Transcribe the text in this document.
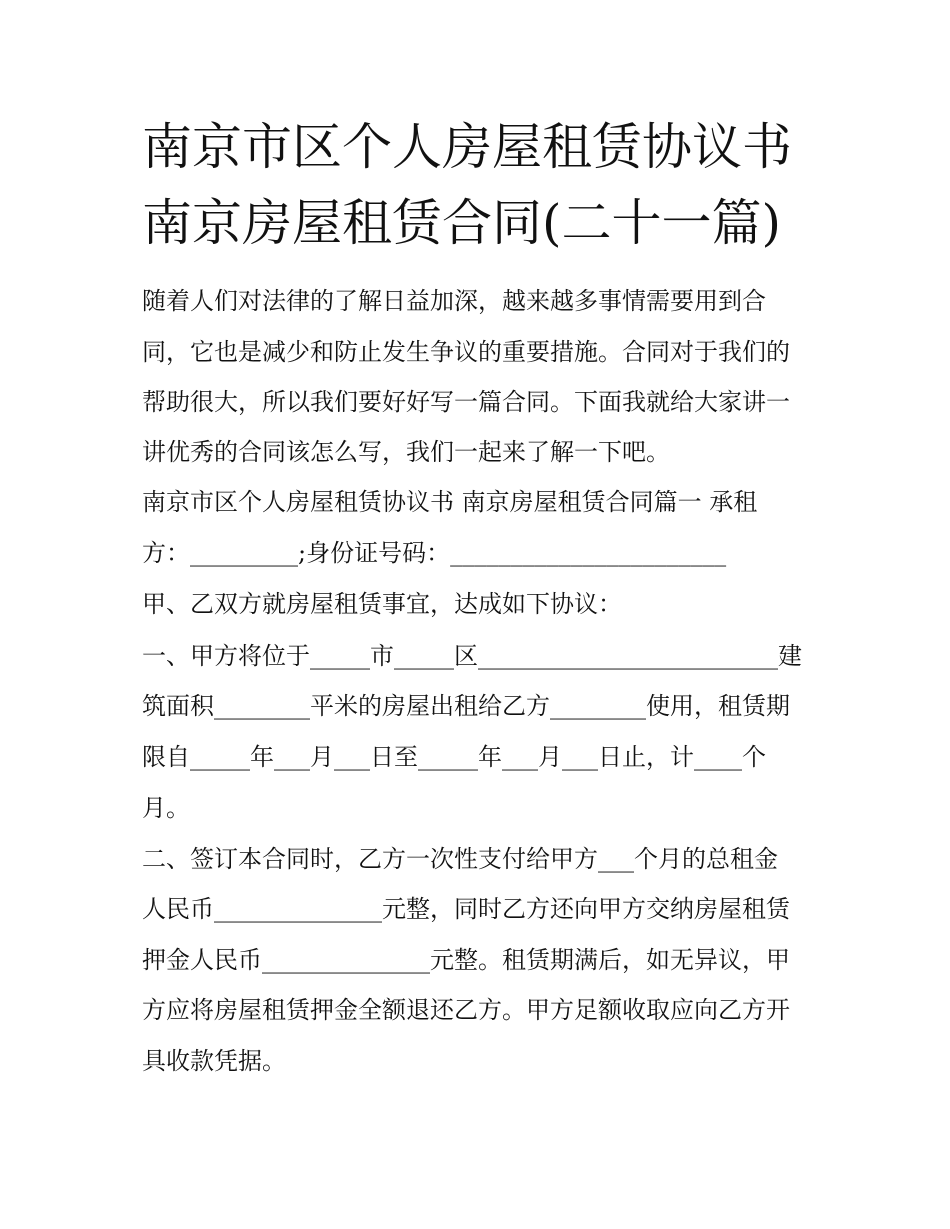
南京市区个人房屋租赁协议书
南京房屋租赁合同(二十一篇)

随着人们对法律的了解日益加深，越来越多事情需要用到合

同，它也是减少和防止发生争议的重要措施。合同对于我们的

帮助很大，所以我们要好好写一篇合同。下面我就给大家讲一

讲优秀的合同该怎么写，我们一起来了解一下吧。

南京市区个人房屋租赁协议书 南京房屋租赁合同篇一 承租

方：_________;身份证号码：_______________________

甲、乙双方就房屋租赁事宜，达成如下协议：

一、甲方将位于_____市_____区_________________________建

筑面积________平米的房屋出租给乙方________使用，租赁期

限自_____年___月___日至_____年___月___日止，计____个

月。

二、签订本合同时，乙方一次性支付给甲方___个月的总租金

人民币______________元整，同时乙方还向甲方交纳房屋租赁

押金人民币______________元整。租赁期满后，如无异议，甲

方应将房屋租赁押金全额退还乙方。甲方足额收取应向乙方开

具收款凭据。
